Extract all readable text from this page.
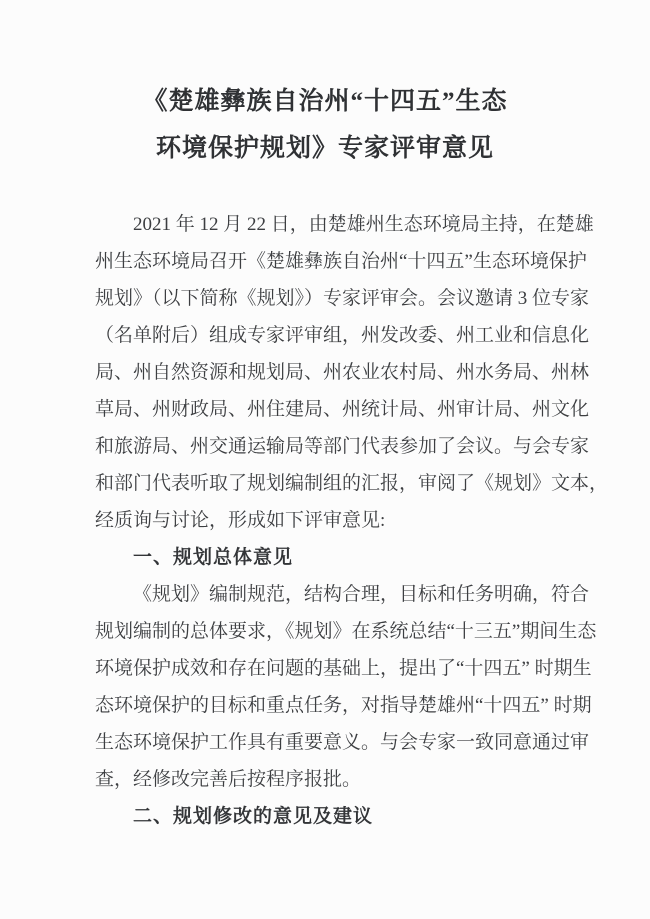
《楚雄彝族自治州“十四五”生态
环境保护规划》专家评审意见
2021 年 12 月 22 日，由楚雄州生态环境局主持，在楚雄
州生态环境局召开《楚雄彝族自治州“十四五”生态环境保护
规划》（以下简称《规划》）专家评审会。会议邀请 3 位专家
（名单附后）组成专家评审组，州发改委、州工业和信息化
局、州自然资源和规划局、州农业农村局、州水务局、州林
草局、州财政局、州住建局、州统计局、州审计局、州文化
和旅游局、州交通运输局等部门代表参加了会议。与会专家
和部门代表听取了规划编制组的汇报，审阅了《规划》文本，
经质询与讨论，形成如下评审意见:
一、规划总体意见
《规划》编制规范，结构合理，目标和任务明确，符合
规划编制的总体要求，《规划》在系统总结“十三五”期间生态
环境保护成效和存在问题的基础上，提出了“十四五” 时期生
态环境保护的目标和重点任务，对指导楚雄州“十四五” 时期
生态环境保护工作具有重要意义。与会专家一致同意通过审
查，经修改完善后按程序报批。
二、规划修改的意见及建议
